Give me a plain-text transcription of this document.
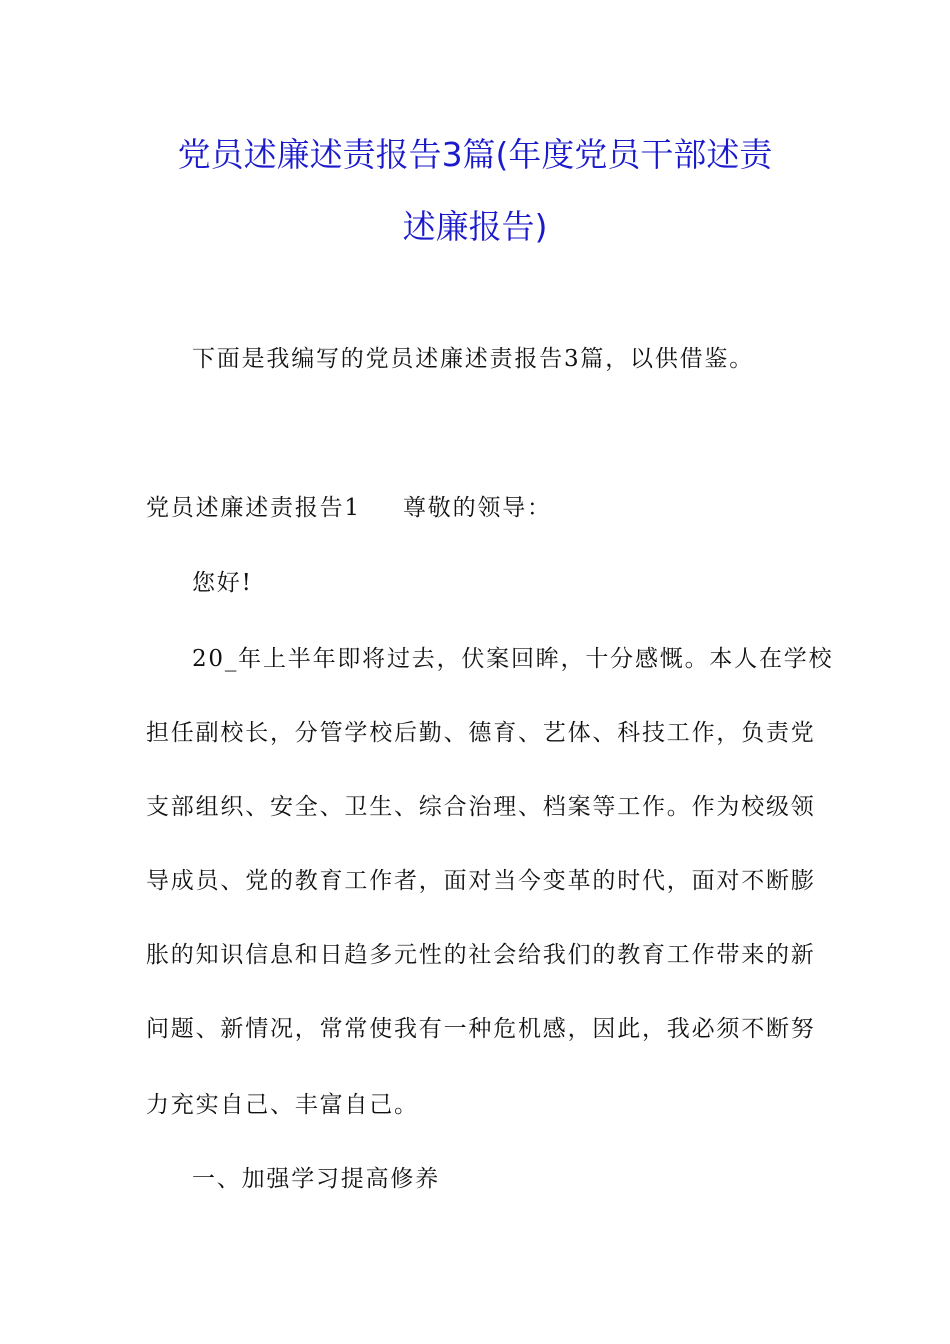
党员述廉述责报告3篇(年度党员干部述责
述廉报告)
下面是我编写的党员述廉述责报告3篇，以供借鉴。
党员述廉述责报告1 尊敬的领导：
您好!
20_年上半年即将过去，伏案回眸，十分感慨。本人在学校
担任副校长，分管学校后勤、德育、艺体、科技工作，负责党
支部组织、安全、卫生、综合治理、档案等工作。作为校级领
导成员、党的教育工作者，面对当今变革的时代，面对不断膨
胀的知识信息和日趋多元性的社会给我们的教育工作带来的新
问题、新情况，常常使我有一种危机感，因此，我必须不断努
力充实自己、丰富自己。
一、加强学习提高修养
